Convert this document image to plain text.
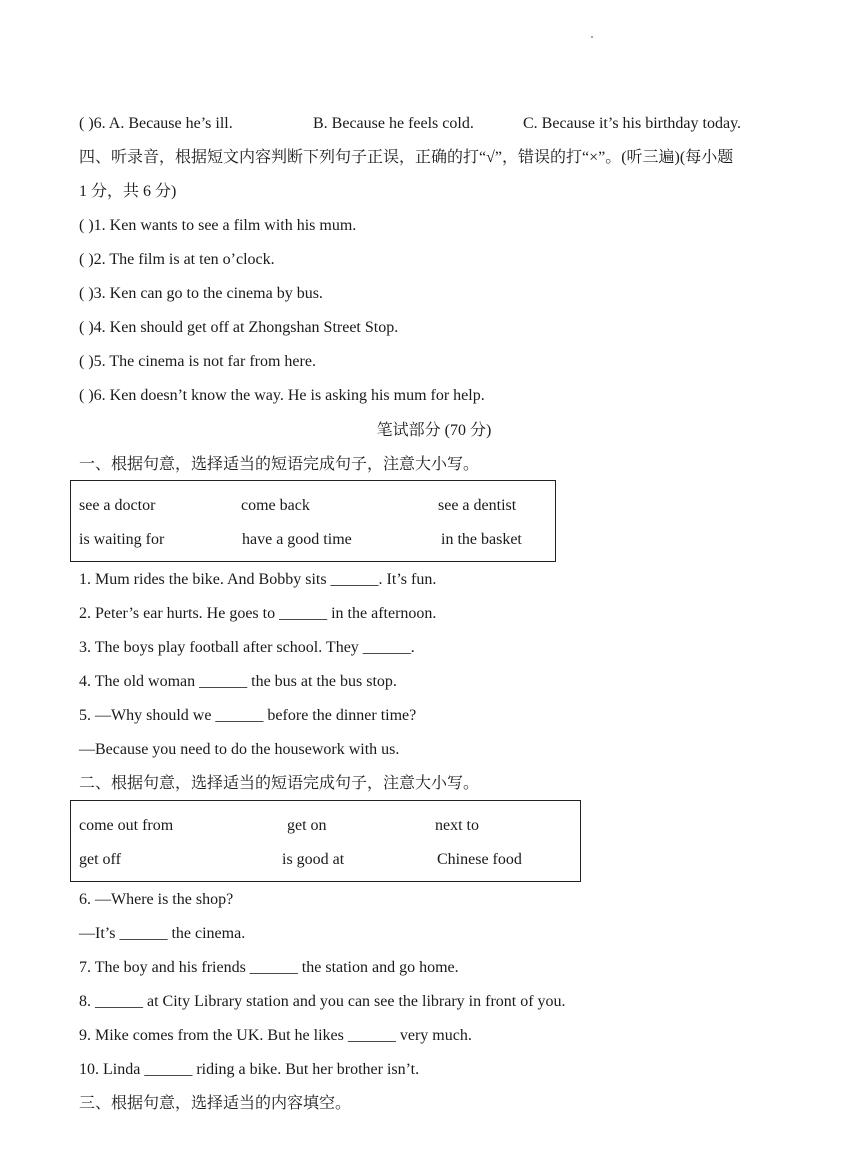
( )6. A. Because he’s ill.	B. Because he feels cold.	C. Because it’s his birthday today.
四、听录音，根据短文内容判断下列句子正误，正确的打“√”，错误的打“×”。(听三遍)(每小题
1 分，共 6 分)
( )1. Ken wants to see a film with his mum.
( )2. The film is at ten o’clock.
( )3. Ken can go to the cinema by bus.
( )4. Ken should get off at Zhongshan Street Stop.
( )5. The cinema is not far from here.
( )6. Ken doesn’t know the way. He is asking his mum for help.
笔试部分 (70 分)
一、根据句意，选择适当的短语完成句子，注意大小写。
see a doctor	come back	see a dentist
is waiting for	have a good time	in the basket
1. Mum rides the bike. And Bobby sits ______. It’s fun.
2. Peter’s ear hurts. He goes to ______ in the afternoon.
3. The boys play football after school. They ______.
4. The old woman ______ the bus at the bus stop.
5. —Why should we ______ before the dinner time?
—Because you need to do the housework with us.
二、根据句意，选择适当的短语完成句子，注意大小写。
come out from	get on	next to
get off	is good at	Chinese food
6. —Where is the shop?
—It’s ______ the cinema.
7. The boy and his friends ______ the station and go home.
8. ______ at City Library station and you can see the library in front of you.
9. Mike comes from the UK. But he likes ______ very much.
10. Linda ______ riding a bike. But her brother isn’t.
三、根据句意，选择适当的内容填空。
